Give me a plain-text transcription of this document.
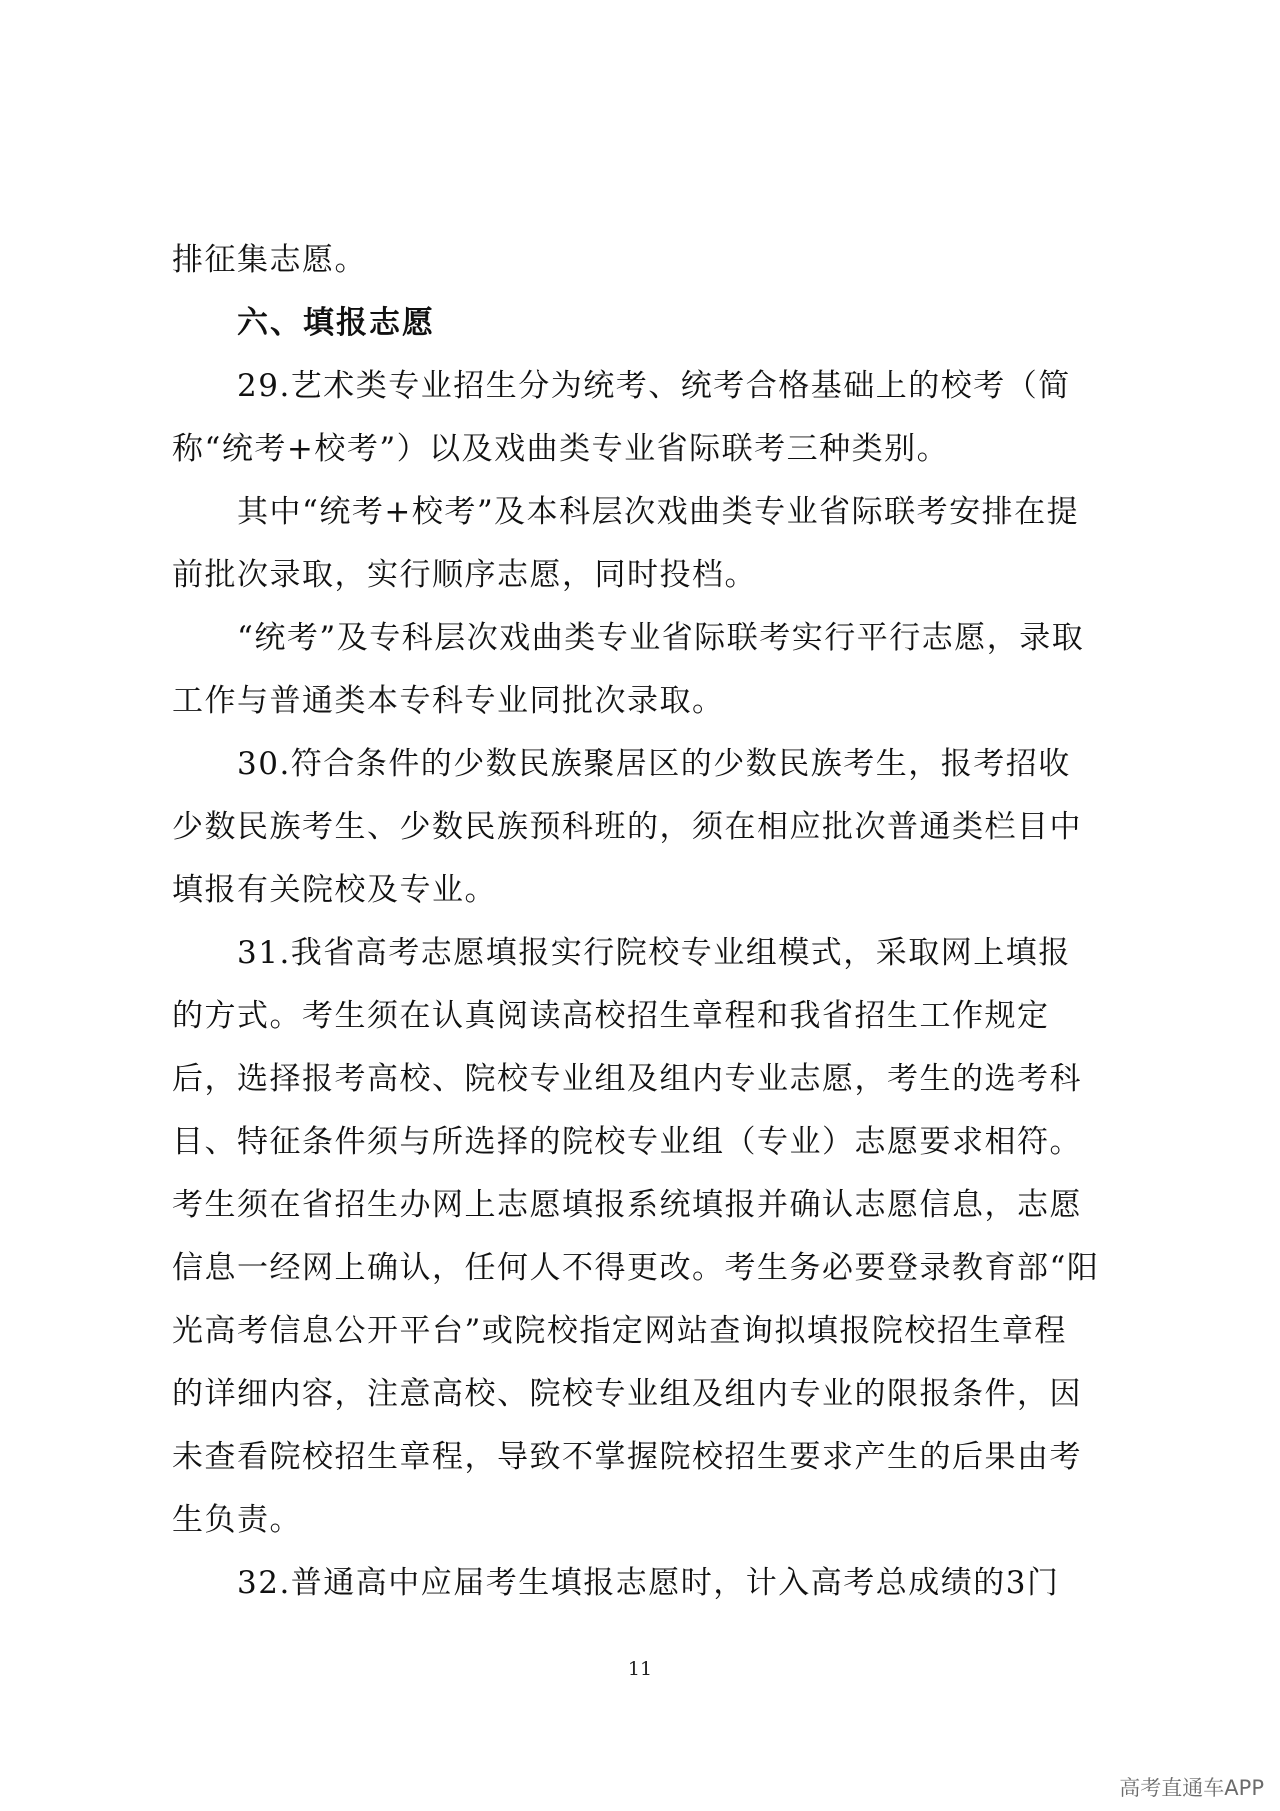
排征集志愿。

六、填报志愿

29.艺术类专业招生分为统考、统考合格基础上的校考（简
称“统考+校考”）以及戏曲类专业省际联考三种类别。

其中“统考+校考”及本科层次戏曲类专业省际联考安排在提
前批次录取，实行顺序志愿，同时投档。

“统考”及专科层次戏曲类专业省际联考实行平行志愿，录取
工作与普通类本专科专业同批次录取。

30.符合条件的少数民族聚居区的少数民族考生，报考招收
少数民族考生、少数民族预科班的，须在相应批次普通类栏目中
填报有关院校及专业。

31.我省高考志愿填报实行院校专业组模式，采取网上填报
的方式。考生须在认真阅读高校招生章程和我省招生工作规定
后，选择报考高校、院校专业组及组内专业志愿，考生的选考科
目、特征条件须与所选择的院校专业组（专业）志愿要求相符。
考生须在省招生办网上志愿填报系统填报并确认志愿信息，志愿
信息一经网上确认，任何人不得更改。考生务必要登录教育部“阳
光高考信息公开平台”或院校指定网站查询拟填报院校招生章程
的详细内容，注意高校、院校专业组及组内专业的限报条件，因
未查看院校招生章程，导致不掌握院校招生要求产生的后果由考
生负责。

32.普通高中应届考生填报志愿时，计入高考总成绩的3门

11
高考直通车APP
